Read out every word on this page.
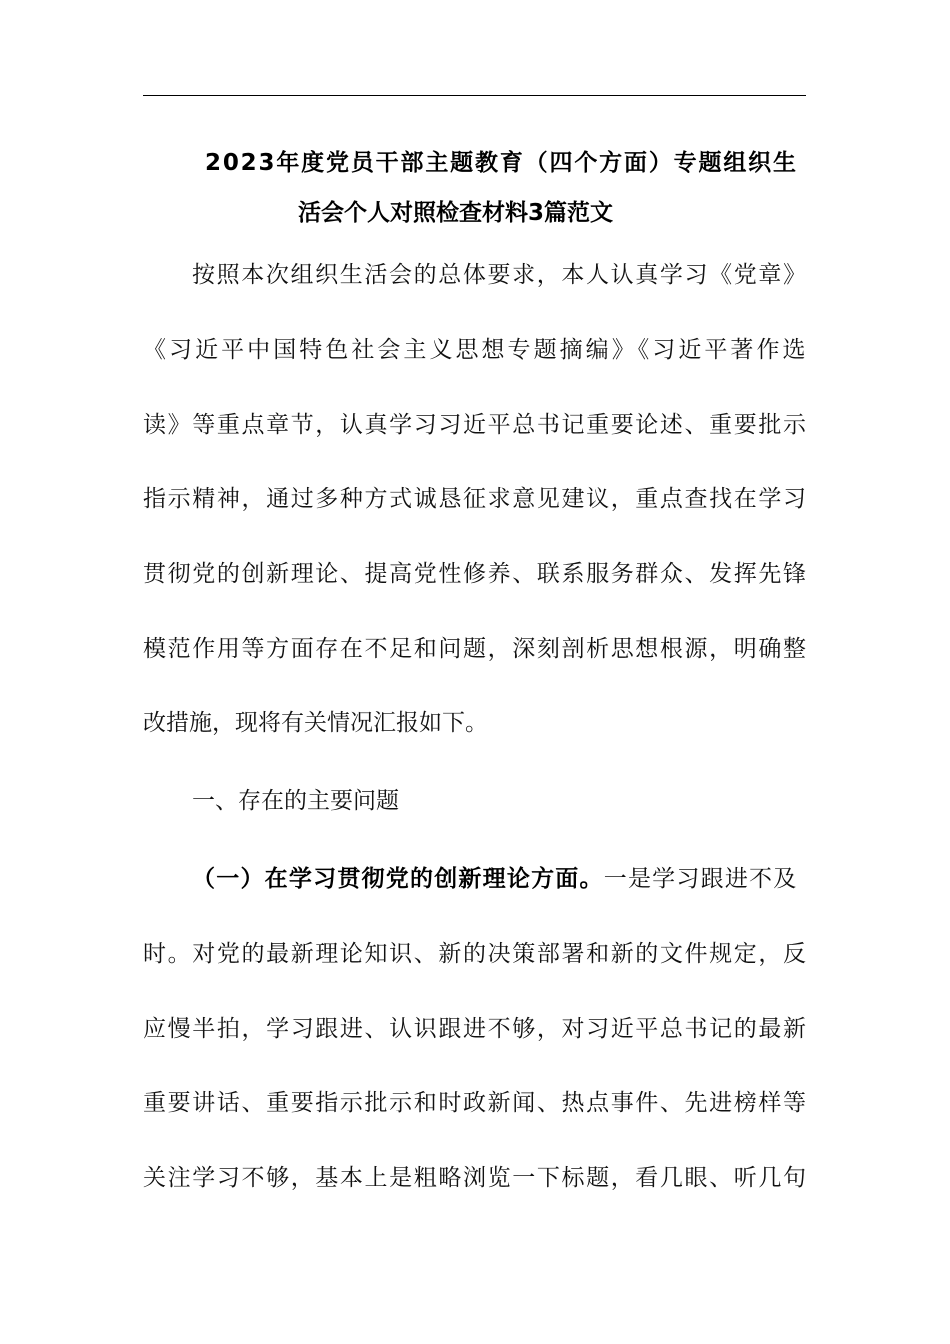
2023年度党员干部主题教育（四个方面）专题组织生
活会个人对照检查材料3篇范文
按照本次组织生活会的总体要求，本人认真学习《党章》
《习近平中国特色社会主义思想专题摘编》《习近平著作选
读》等重点章节，认真学习习近平总书记重要论述、重要批示
指示精神，通过多种方式诚恳征求意见建议，重点查找在学习
贯彻党的创新理论、提高党性修养、联系服务群众、发挥先锋
模范作用等方面存在不足和问题，深刻剖析思想根源，明确整
改措施，现将有关情况汇报如下。
一、存在的主要问题
（一）在学习贯彻党的创新理论方面。一是学习跟进不及
时。对党的最新理论知识、新的决策部署和新的文件规定，反
应慢半拍，学习跟进、认识跟进不够，对习近平总书记的最新
重要讲话、重要指示批示和时政新闻、热点事件、先进榜样等
关注学习不够，基本上是粗略浏览一下标题，看几眼、听几句
